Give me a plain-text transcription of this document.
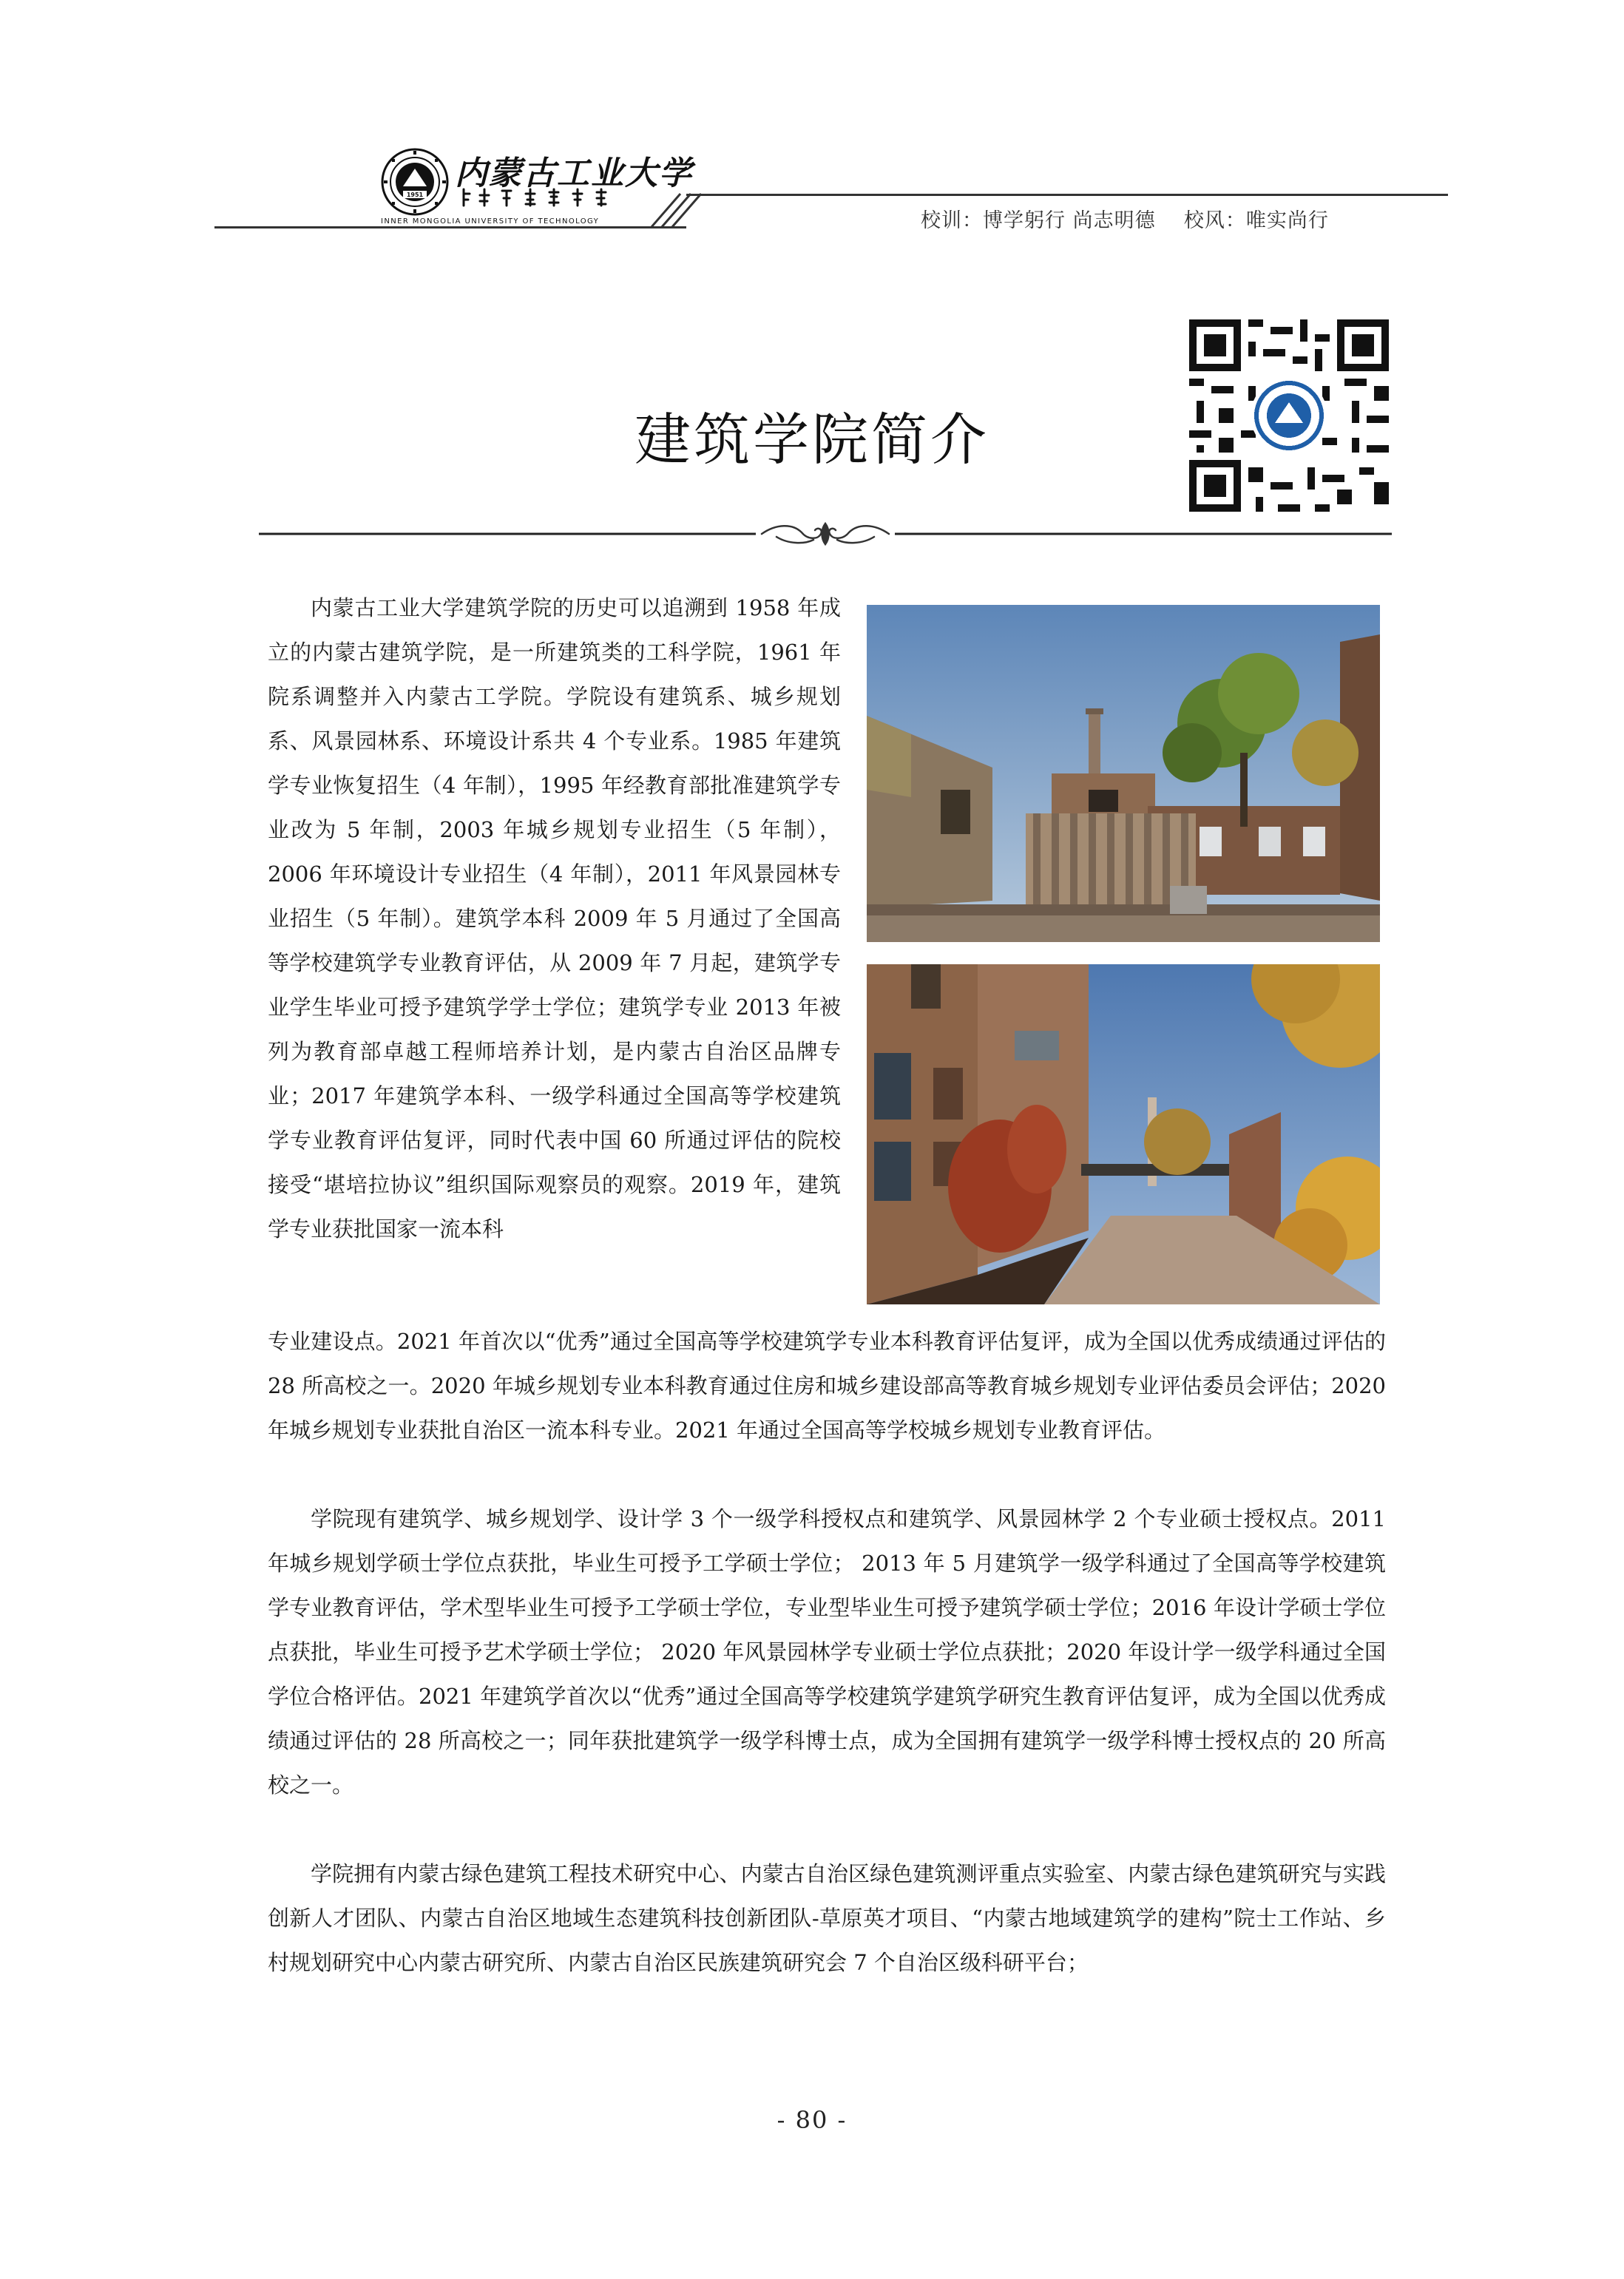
1951
内蒙古工业大学
INNER MONGOLIA UNIVERSITY OF TECHNOLOGY	校训：博学躬行 尚志明德    校风：唯实尚行
建筑学院简介

内蒙古工业大学建筑学院的历史可以追溯到 1958 年成立的内蒙古建筑学院，是一所建筑类的工科学院，1961 年院系调整并入内蒙古工学院。学院设有建筑系、城乡规划系、风景园林系、环境设计系共 4 个专业系。1985 年建筑学专业恢复招生（4 年制），1995 年经教育部批准建筑学专业改为 5 年制，2003 年城乡规划专业招生（5 年制），2006 年环境设计专业招生（4 年制），2011 年风景园林专业招生（5 年制）。建筑学本科 2009 年 5 月通过了全国高等学校建筑学专业教育评估，从 2009 年 7 月起，建筑学专业学生毕业可授予建筑学学士学位；建筑学专业 2013 年被列为教育部卓越工程师培养计划，是内蒙古自治区品牌专业；2017 年建筑学本科、一级学科通过全国高等学校建筑学专业教育评估复评，同时代表中国 60 所通过评估的院校接受“堪培拉协议”组织国际观察员的观察。2019 年，建筑学专业获批国家一流本科

专业建设点。2021 年首次以“优秀”通过全国高等学校建筑学专业本科教育评估复评，成为全国以优秀成绩通过评估的 28 所高校之一。2020 年城乡规划专业本科教育通过住房和城乡建设部高等教育城乡规划专业评估委员会评估；2020 年城乡规划专业获批自治区一流本科专业。2021 年通过全国高等学校城乡规划专业教育评估。

学院现有建筑学、城乡规划学、设计学 3 个一级学科授权点和建筑学、风景园林学 2 个专业硕士授权点。2011 年城乡规划学硕士学位点获批，毕业生可授予工学硕士学位； 2013 年 5 月建筑学一级学科通过了全国高等学校建筑学专业教育评估，学术型毕业生可授予工学硕士学位，专业型毕业生可授予建筑学硕士学位；2016 年设计学硕士学位点获批，毕业生可授予艺术学硕士学位； 2020 年风景园林学专业硕士学位点获批；2020 年设计学一级学科通过全国学位合格评估。2021 年建筑学首次以“优秀”通过全国高等学校建筑学建筑学研究生教育评估复评，成为全国以优秀成绩通过评估的 28 所高校之一；同年获批建筑学一级学科博士点，成为全国拥有建筑学一级学科博士授权点的 20 所高校之一。

学院拥有内蒙古绿色建筑工程技术研究中心、内蒙古自治区绿色建筑测评重点实验室、内蒙古绿色建筑研究与实践创新人才团队、内蒙古自治区地域生态建筑科技创新团队-草原英才项目、“内蒙古地域建筑学的建构”院士工作站、乡村规划研究中心内蒙古研究所、内蒙古自治区民族建筑研究会 7 个自治区级科研平台；

- 80 -
